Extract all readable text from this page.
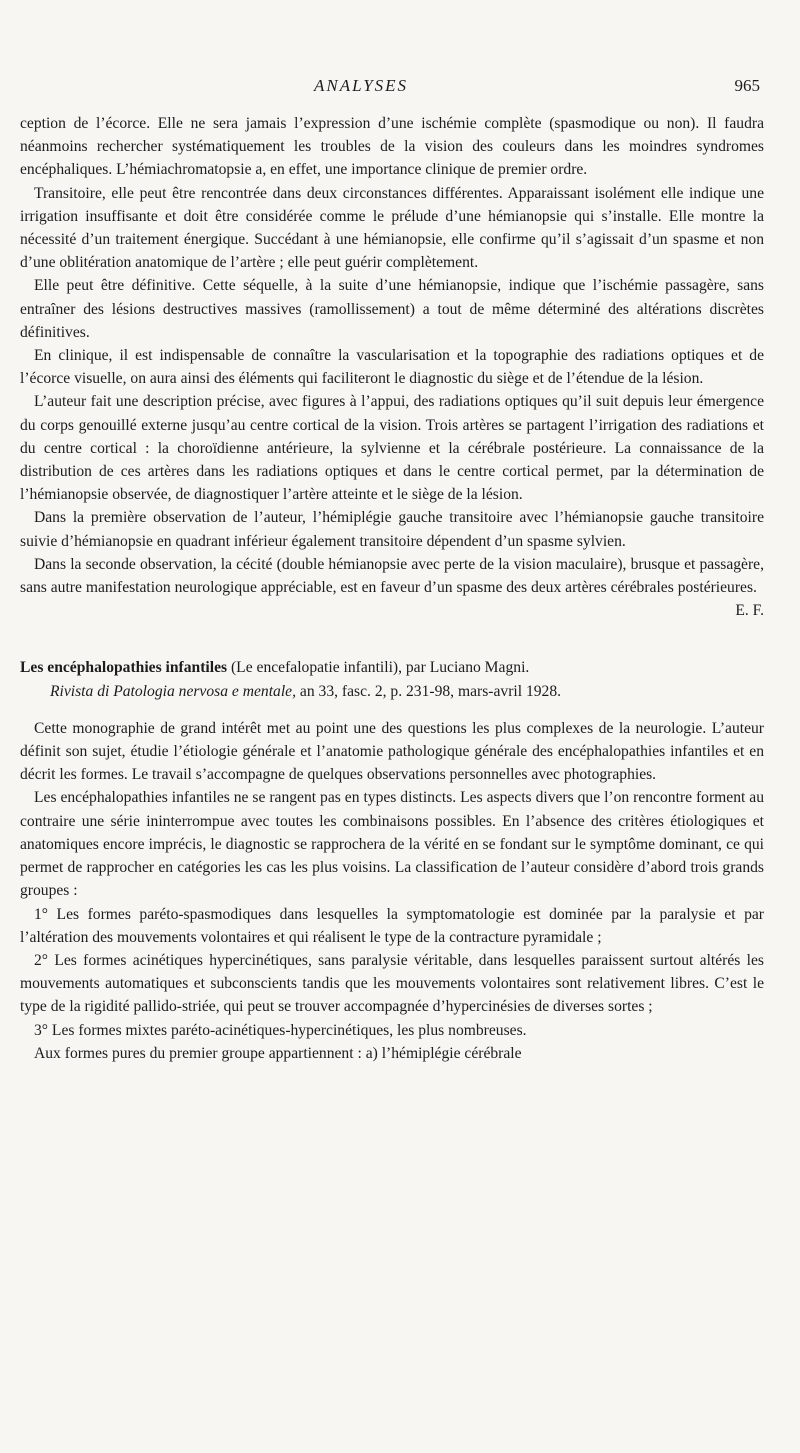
ANALYSES	965

ception de l’écorce. Elle ne sera jamais l’expression d’une ischémie complète (spasmodique ou non). Il faudra néanmoins rechercher systématiquement les troubles de la vision des couleurs dans les moindres syndromes encéphaliques. L’hémiachromatopsie a, en effet, une importance clinique de premier ordre.

Transitoire, elle peut être rencontrée dans deux circonstances différentes. Apparaissant isolément elle indique une irrigation insuffisante et doit être considérée comme le prélude d’une hémianopsie qui s’installe. Elle montre la nécessité d’un traitement énergique. Succédant à une hémianopsie, elle confirme qu’il s’agissait d’un spasme et non d’une oblitération anatomique de l’artère ; elle peut guérir complètement.

Elle peut être définitive. Cette séquelle, à la suite d’une hémianopsie, indique que l’ischémie passagère, sans entraîner des lésions destructives massives (ramollissement) a tout de même déterminé des altérations discrètes définitives.

En clinique, il est indispensable de connaître la vascularisation et la topographie des radiations optiques et de l’écorce visuelle, on aura ainsi des éléments qui faciliteront le diagnostic du siège et de l’étendue de la lésion.

L’auteur fait une description précise, avec figures à l’appui, des radiations optiques qu’il suit depuis leur émergence du corps genouillé externe jusqu’au centre cortical de la vision. Trois artères se partagent l’irrigation des radiations et du centre cortical : la choroïdienne antérieure, la sylvienne et la cérébrale postérieure. La connaissance de la distribution de ces artères dans les radiations optiques et dans le centre cortical permet, par la détermination de l’hémianopsie observée, de diagnostiquer l’artère atteinte et le siège de la lésion.

Dans la première observation de l’auteur, l’hémiplégie gauche transitoire avec l’hémianopsie gauche transitoire suivie d’hémianopsie en quadrant inférieur également transitoire dépendent d’un spasme sylvien.

Dans la seconde observation, la cécité (double hémianopsie avec perte de la vision maculaire), brusque et passagère, sans autre manifestation neurologique appréciable, est en faveur d’un spasme des deux artères cérébrales postérieures.
E. F.

Les encéphalopathies infantiles (Le encefalopatie infantili), par Luciano Magni.
Rivista di Patologia nervosa e mentale, an 33, fasc. 2, p. 231-98, mars-avril 1928.

Cette monographie de grand intérêt met au point une des questions les plus complexes de la neurologie. L’auteur définit son sujet, étudie l’étiologie générale et l’anatomie pathologique générale des encéphalopathies infantiles et en décrit les formes. Le travail s’accompagne de quelques observations personnelles avec photographies.

Les encéphalopathies infantiles ne se rangent pas en types distincts. Les aspects divers que l’on rencontre forment au contraire une série ininterrompue avec toutes les combinaisons possibles. En l’absence des critères étiologiques et anatomiques encore imprécis, le diagnostic se rapprochera de la vérité en se fondant sur le symptôme dominant, ce qui permet de rapprocher en catégories les cas les plus voisins. La classification de l’auteur considère d’abord trois grands groupes :

1° Les formes paréto-spasmodiques dans lesquelles la symptomatologie est dominée par la paralysie et par l’altération des mouvements volontaires et qui réalisent le type de la contracture pyramidale ;

2° Les formes acinétiques hypercinétiques, sans paralysie véritable, dans lesquelles paraissent surtout altérés les mouvements automatiques et subconscients tandis que les mouvements volontaires sont relativement libres. C’est le type de la rigidité pallido-striée, qui peut se trouver accompagnée d’hypercinésies de diverses sortes ;

3° Les formes mixtes paréto-acinétiques-hypercinétiques, les plus nombreuses.

Aux formes pures du premier groupe appartiennent : a) l’hémiplégie cérébrale
